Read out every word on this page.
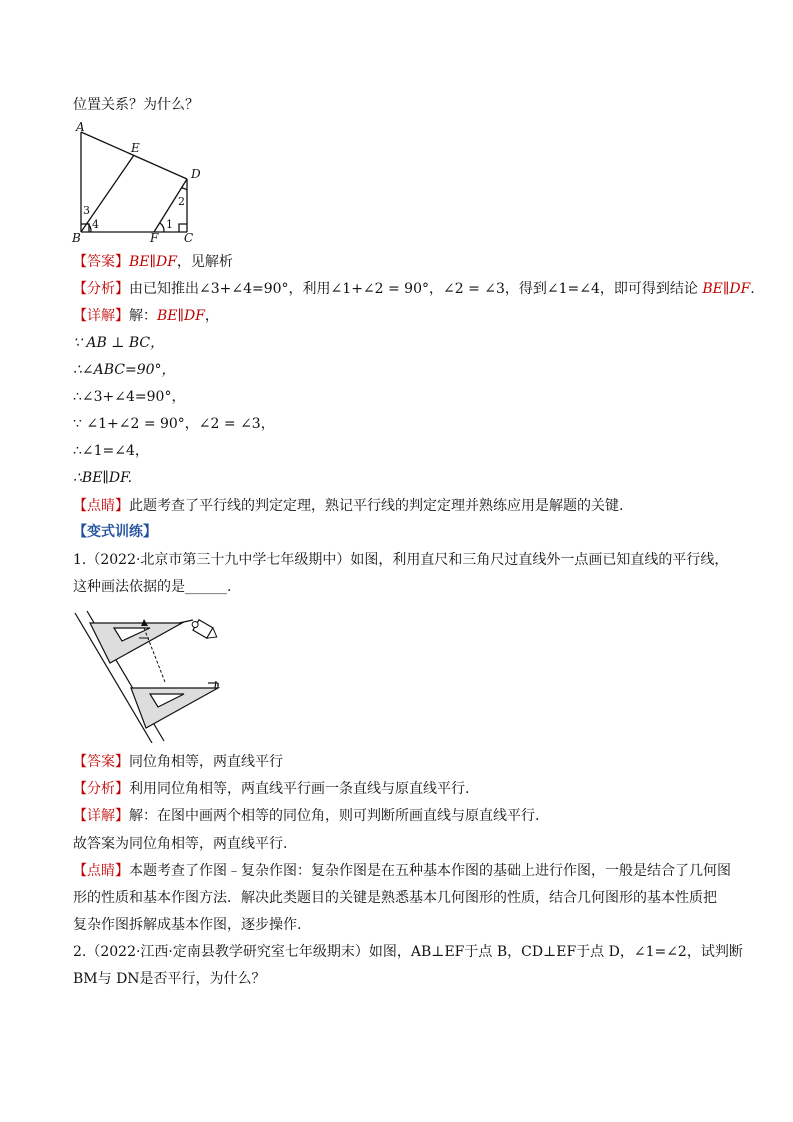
位置关系？为什么？
A
E
D
B	F C
1
2
3
4
【答案】BE∥DF，见解析
【分析】由已知推出∠3+∠4=90°，利用∠1+∠2 = 90°，∠2 = ∠3，得到∠1=∠4，即可得到结论 BE∥DF.
【详解】解：BE∥DF，
∵ AB ⊥ BC，
∴∠ABC=90°，
∴∠3+∠4=90°，
∵ ∠1+∠2 = 90°，∠2 = ∠3，
∴∠1=∠4，
∴BE∥DF.
【点睛】此题考查了平行线的判定定理，熟记平行线的判定定理并熟练应用是解题的关键.
【变式训练】
1.（2022·北京市第三十九中学七年级期中）如图，利用直尺和三角尺过直线外一点画已知直线的平行线，
这种画法依据的是______.
【答案】同位角相等，两直线平行
【分析】利用同位角相等，两直线平行画一条直线与原直线平行.
【详解】解：在图中画两个相等的同位角，则可判断所画直线与原直线平行.
故答案为同位角相等，两直线平行.
【点睛】本题考查了作图﹣复杂作图：复杂作图是在五种基本作图的基础上进行作图，一般是结合了几何图
形的性质和基本作图方法．解决此类题目的关键是熟悉基本几何图形的性质，结合几何图形的基本性质把
复杂作图拆解成基本作图，逐步操作.
2.（2022·江西·定南县教学研究室七年级期末）如图，AB⊥EF于点 B，CD⊥EF于点 D，∠1=∠2，试判断
BM与 DN是否平行，为什么？
